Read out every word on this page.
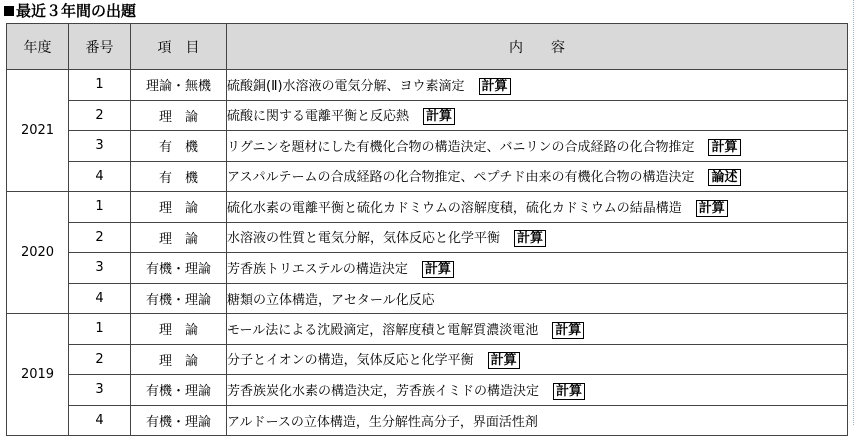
最近３年間の出題
年度	番号	項　目	内　　容
2021	1	理論・無機	硫酸銅(Ⅱ)水溶液の電気分解、ヨウ素滴定 計算
	2	理　論	硫酸に関する電離平衡と反応熱 計算
	3	有　機	リグニンを題材にした有機化合物の構造決定、バニリンの合成経路の化合物推定 計算
	4	有　機	アスパルテームの合成経路の化合物推定、ペプチド由来の有機化合物の構造決定 論述
2020	1	理　論	硫化水素の電離平衡と硫化カドミウムの溶解度積，硫化カドミウムの結晶構造 計算
	2	理　論	水溶液の性質と電気分解，気体反応と化学平衡 計算
	3	有機・理論	芳香族トリエステルの構造決定 計算
	4	有機・理論	糖類の立体構造，アセタール化反応
2019	1	理　論	モール法による沈殿滴定，溶解度積と電解質濃淡電池 計算
	2	理　論	分子とイオンの構造，気体反応と化学平衡 計算
	3	有機・理論	芳香族炭化水素の構造決定，芳香族イミドの構造決定 計算
	4	有機・理論	アルドースの立体構造，生分解性高分子，界面活性剤
